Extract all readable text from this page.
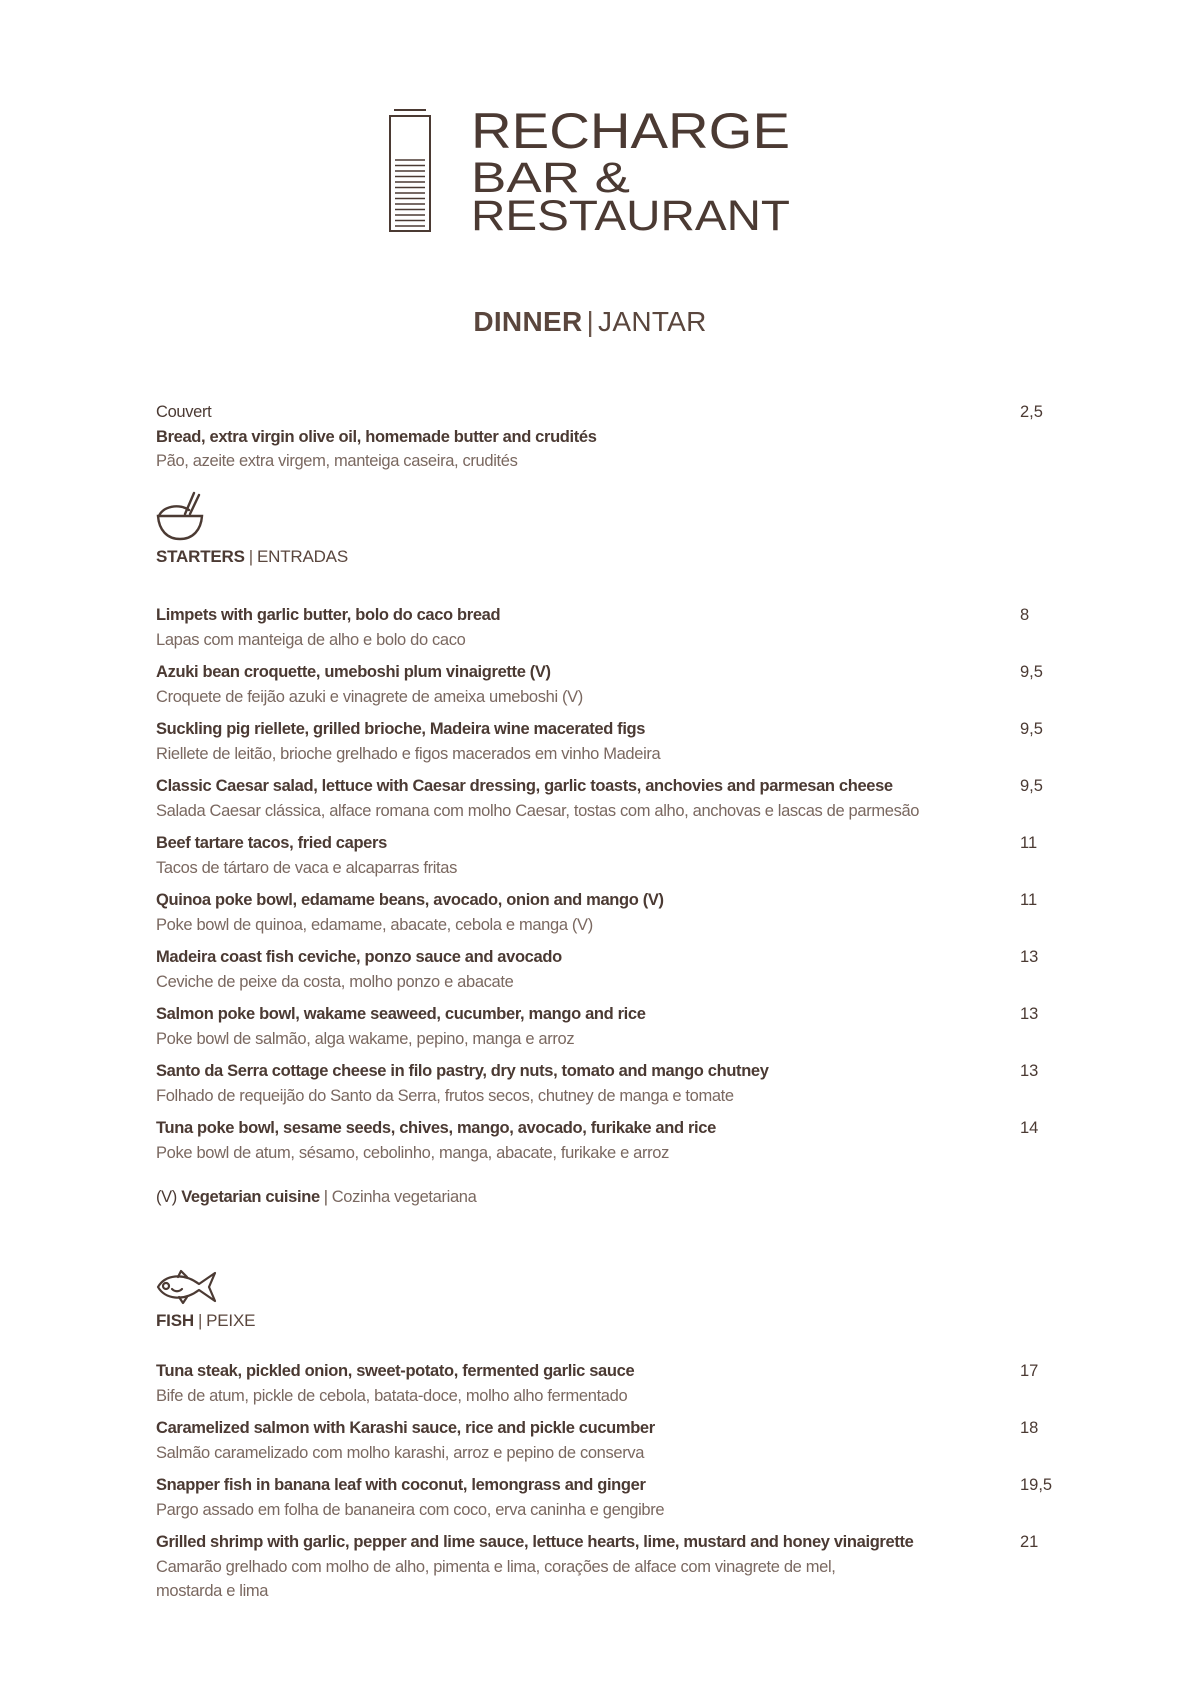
RECHARGE
BAR &
RESTAURANT
DINNER | JANTAR
Couvert
Bread, extra virgin olive oil, homemade butter and crudités
Pão, azeite extra virgem, manteiga caseira, crudités
2,5
STARTERS | ENTRADAS
Limpets with garlic butter, bolo do caco bread
Lapas com manteiga de alho e bolo do caco
8
Azuki bean croquette, umeboshi plum vinaigrette (V)
Croquete de feijão azuki e vinagrete de ameixa umeboshi (V)
9,5
Suckling pig riellete, grilled brioche, Madeira wine macerated figs
Riellete de leitão, brioche grelhado e figos macerados em vinho Madeira
9,5
Classic Caesar salad, lettuce with Caesar dressing, garlic toasts, anchovies and parmesan cheese
Salada Caesar clássica, alface romana com molho Caesar, tostas com alho, anchovas e lascas de parmesão
9,5
Beef tartare tacos, fried capers
Tacos de tártaro de vaca e alcaparras fritas
11
Quinoa poke bowl, edamame beans, avocado, onion and mango (V)
Poke bowl de quinoa, edamame, abacate, cebola e manga (V)
11
Madeira coast fish ceviche, ponzo sauce and avocado
Ceviche de peixe da costa, molho ponzo e abacate
13
Salmon poke bowl, wakame seaweed, cucumber, mango and rice
Poke bowl de salmão, alga wakame, pepino, manga e arroz
13
Santo da Serra cottage cheese in filo pastry, dry nuts, tomato and mango chutney
Folhado de requeijão do Santo da Serra, frutos secos, chutney de manga e tomate
13
Tuna poke bowl, sesame seeds, chives, mango, avocado, furikake and rice
Poke bowl de atum, sésamo, cebolinho, manga, abacate, furikake e arroz
14
(V) Vegetarian cuisine | Cozinha vegetariana
FISH | PEIXE
Tuna steak, pickled onion, sweet-potato, fermented garlic sauce
Bife de atum, pickle de cebola, batata-doce, molho alho fermentado
17
Caramelized salmon with Karashi sauce, rice and pickle cucumber
Salmão caramelizado com molho karashi, arroz e pepino de conserva
18
Snapper fish in banana leaf with coconut, lemongrass and ginger
Pargo assado em folha de bananeira com coco, erva caninha e gengibre
19,5
Grilled shrimp with garlic, pepper and lime sauce, lettuce hearts, lime, mustard and honey vinaigrette
Camarão grelhado com molho de alho, pimenta e lima, corações de alface com vinagrete de mel,
mostarda e lima
21
